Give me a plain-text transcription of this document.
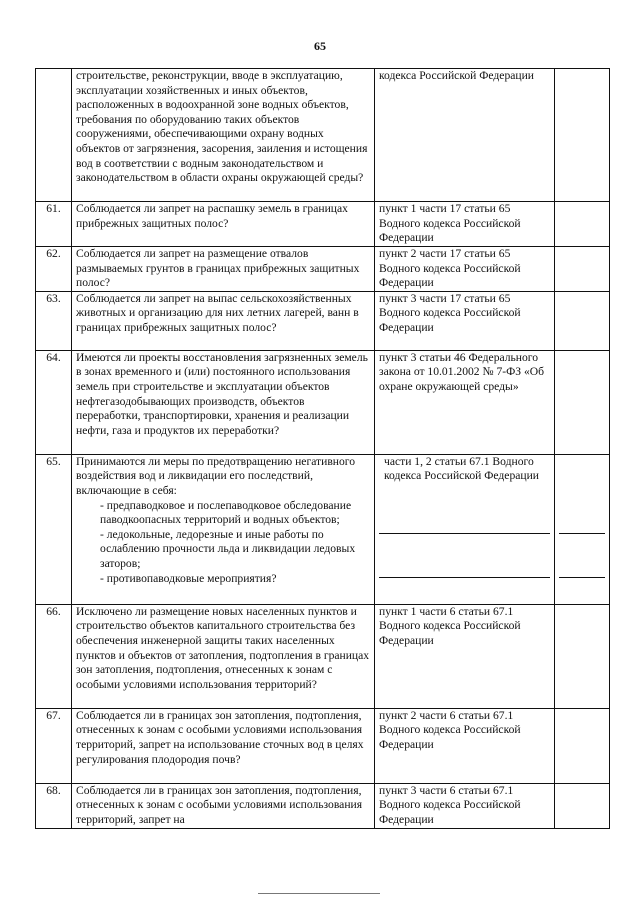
65

	строительстве, реконструкции, вводе в эксплуатацию, эксплуатации хозяйственных и иных объектов, расположенных в водоохранной зоне водных объектов, требования по оборудованию таких объектов сооружениями, обеспечивающими охрану водных объектов от загрязнения, засорения, заиления и истощения вод в соответствии с водным законодательством и законодательством в области охраны окружающей среды?	кодекса Российской Федерации	
61.	Соблюдается ли запрет на распашку земель в границах прибрежных защитных полос?	пункт 1 части 17 статьи 65 Водного кодекса Российской Федерации	
62.	Соблюдается ли запрет на размещение отвалов размываемых грунтов в границах прибрежных защитных полос?	пункт 2 части 17 статьи 65 Водного кодекса Российской Федерации	
63.	Соблюдается ли запрет на выпас сельскохозяйственных животных и организацию для них летних лагерей, ванн в границах прибрежных защитных полос?	пункт 3 части 17 статьи 65 Водного кодекса Российской Федерации	
64.	Имеются ли проекты восстановления загрязненных земель в зонах временного и (или) постоянного использования земель при строительстве и эксплуатации объектов нефтегазодобывающих производств, объектов переработки, транспортировки, хранения и реализации нефти, газа и продуктов их переработки?	пункт 3 статьи 46 Федерального закона от 10.01.2002 № 7-ФЗ «Об охране окружающей среды»	
65.	Принимаются ли меры по предотвращению негативного воздействия вод и ликвидации его последствий, включающие в себя:
- предпаводковое и послепаводковое обследование паводкоопасных территорий и водных объектов;
- ледокольные, ледорезные и иные работы по ослаблению прочности льда и ликвидации ледовых заторов;
- противопаводковые мероприятия?	части 1, 2 статьи 67.1 Водного кодекса Российской Федерации	

66.	Исключено ли размещение новых населенных пунктов и строительство объектов капитального строительства без обеспечения инженерной защиты таких населенных пунктов и объектов от затопления, подтопления в границах зон затопления, подтопления, отнесенных к зонам с особыми условиями использования территорий?	пункт 1 части 6 статьи 67.1 Водного кодекса Российской Федерации	
67.	Соблюдается ли в границах зон затопления, подтопления, отнесенных к зонам с особыми условиями использования территорий, запрет на использование сточных вод в целях регулирования плодородия почв?	пункт 2 части 6 статьи 67.1 Водного кодекса Российской Федерации	
68.	Соблюдается ли в границах зон затопления, подтопления, отнесенных к зонам с особыми условиями использования территорий, запрет на	пункт 3 части 6 статьи 67.1 Водного кодекса Российской Федерации	
